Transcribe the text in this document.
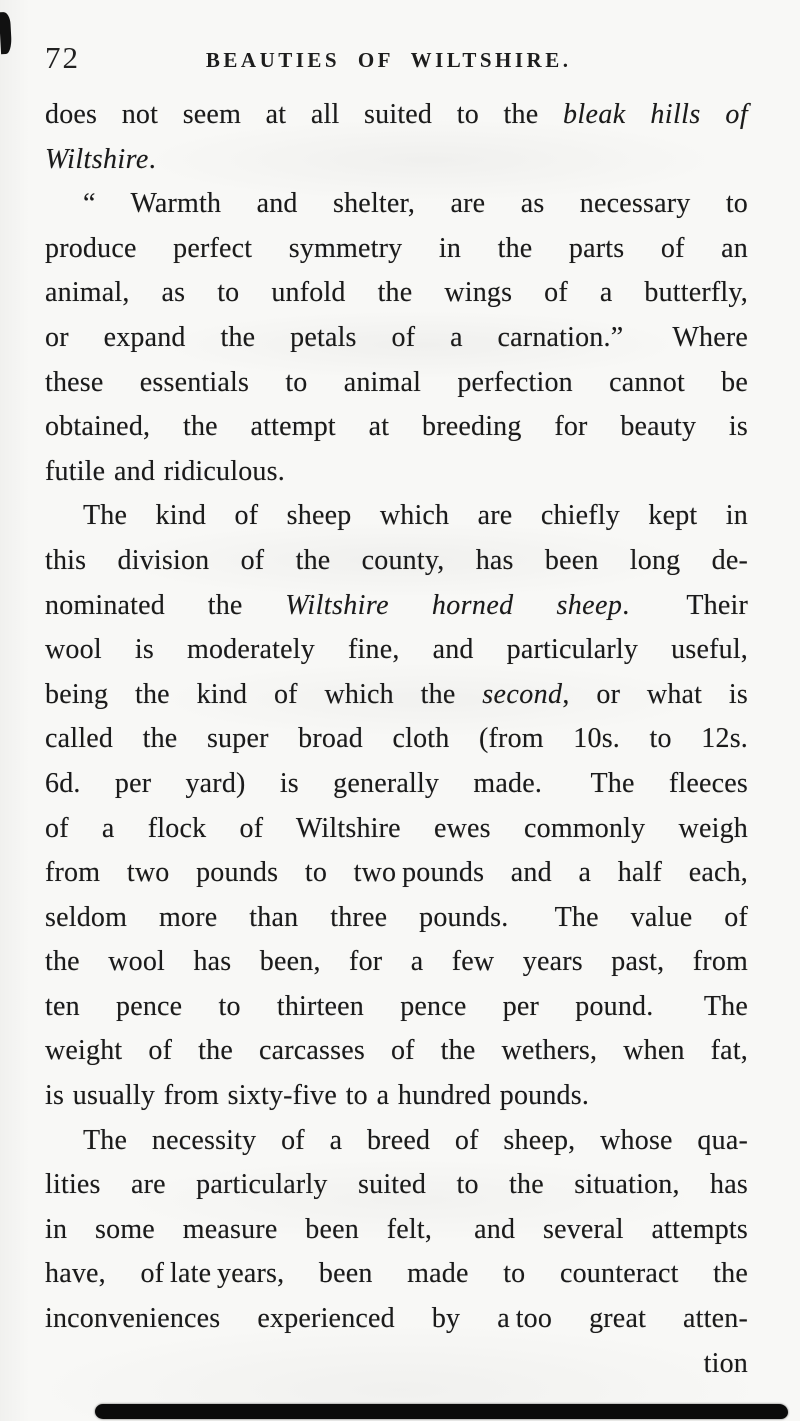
72	BEAUTIES OF WILTSHIRE.
does not seem at all suited to the bleak hills of
Wiltshire.
“ Warmth and shelter, are as necessary to
produce perfect symmetry in the parts of an
animal, as to unfold the wings of a butterfly,
or expand the petals of a carnation.”  Where
these essentials to animal perfection cannot be
obtained, the attempt at breeding for beauty is
futile and ridiculous.
The kind of sheep which are chiefly kept in
this division of the county, has been long de-
nominated the Wiltshire horned sheep.  Their
wool is moderately fine, and particularly useful,
being the kind of which the second, or what is
called the super broad cloth (from 10s. to 12s.
6d. per yard) is generally made.  The fleeces
of a flock of Wiltshire ewes commonly weigh
from two pounds to two pounds and a half each,
seldom more than three pounds.  The value of
the wool has been, for a few years past, from
ten pence to thirteen pence per pound.  The
weight of the carcasses of the wethers, when fat,
is usually from sixty-five to a hundred pounds.
The necessity of a breed of sheep, whose qua-
lities are particularly suited to the situation, has
in some measure been felt,  and several attempts
have, of late years, been made to counteract the
inconveniences experienced by a too great atten-
tion
